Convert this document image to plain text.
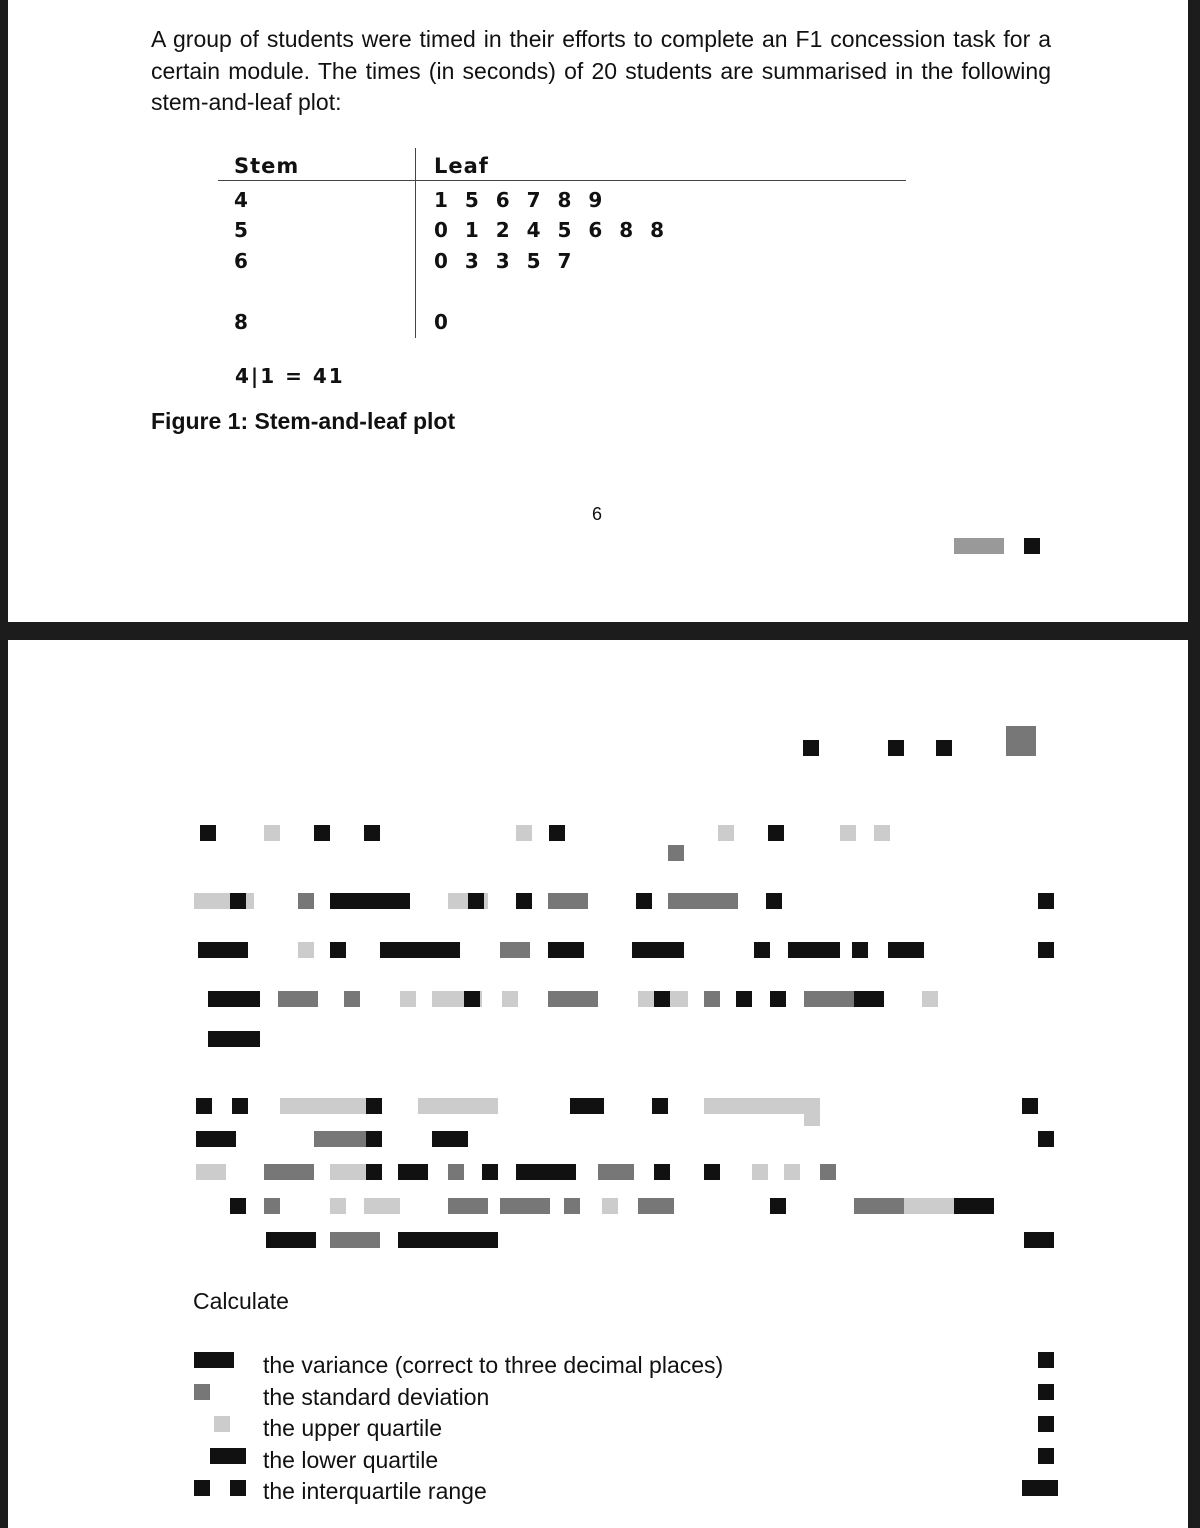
A group of students were timed in their efforts to complete an F1 concession task for a certain module. The times (in seconds) of 20 students are summarised in the following stem-and-leaf plot:
Stem	Leaf
4	1 5 6 7 8 9
5	0 1 2 4 5 6 8 8
6	0 3 3 5 7
8	0
4|1 = 41
Figure 1: Stem-and-leaf plot
6
Calculate
the variance (correct to three decimal places)
the standard deviation
the upper quartile
the lower quartile
the interquartile range
